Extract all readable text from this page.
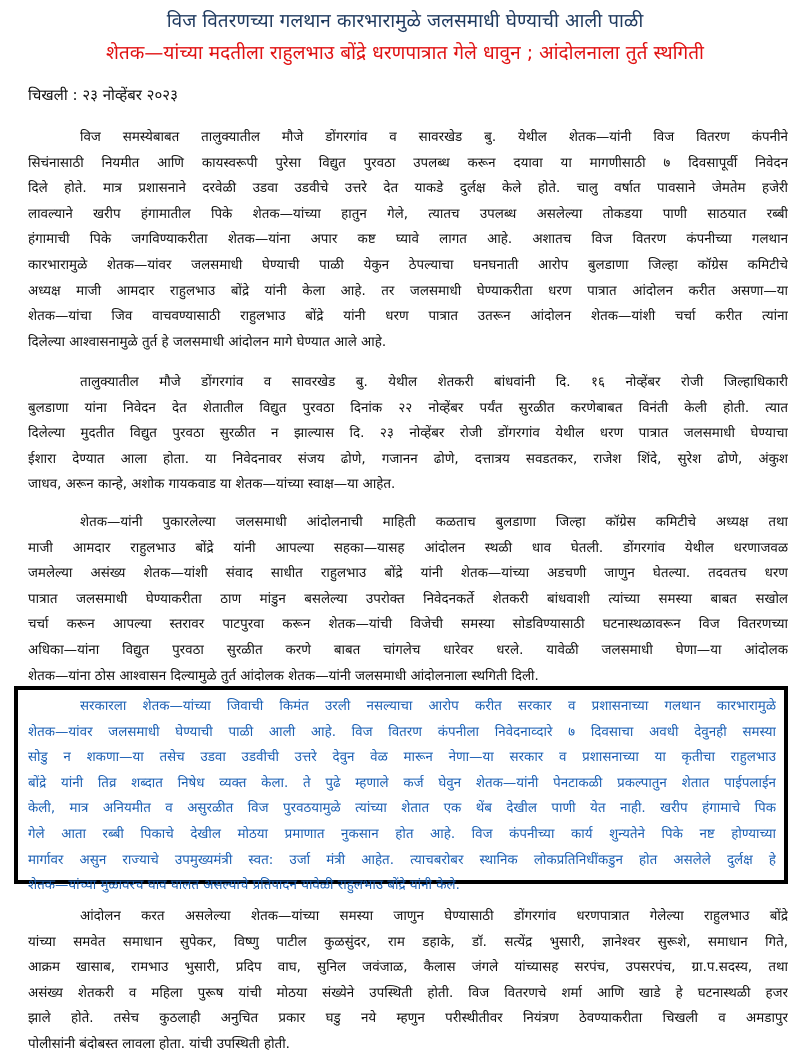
विज वितरणच्या गलथान कारभारामुळे जलसमाधी घेण्याची आली पाळी
शेतक—यांच्या मदतीला राहुलभाउ बोंद्रे धरणपात्रात गेले धावुन ; आंदोलनाला तुर्त स्थगिती
चिखली : २३ नोव्हेंबर २०२३
विज समस्येबाबत तालुक्यातील मौजे डोंगरगांव व सावरखेड बु. येथील शेतक—यांनी विज वितरण कंपनीने
सिचंनासाठी नियमीत आणि कायस्वरूपी पुरेसा विद्युत पुरवठा उपलब्ध करून दयावा या मागणीसाठी ७ दिवसापूर्वी निवेदन
दिले होते. मात्र प्रशासनाने दरवेळी उडवा उडवीचे उत्तरे देत याकडे दुर्लक्ष केले होते. चालु वर्षात पावसाने जेमतेम हजेरी
लावल्याने खरीप हंगामातील पिके शेतक—यांच्या हातुन गेले, त्यातच उपलब्ध असलेल्या तोकडया पाणी साठयात रब्बी
हंगामाची पिके जगविण्याकरीता शेतक—यांना अपार कष्ट घ्यावे लागत आहे. अशातच विज वितरण कंपनीच्या गलथान
कारभारामुळे शेतक—यांवर जलसमाधी घेण्याची पाळी येकुन ठेपल्याचा घनघनाती आरोप बुलडाणा जिल्हा कॉग्रेस कमिटीचे
अध्यक्ष माजी आमदार राहुलभाउ बोंद्रे यांनी केला आहे. तर जलसमाधी घेण्याकरीता धरण पात्रात आंदोलन करीत असणा—या
शेतक—यांचा जिव वाचवण्यासाठी राहुलभाउ बोंद्रे यांनी धरण पात्रात उतरून आंदोलन शेतक—यांशी चर्चा करीत त्यांना
दिलेल्या आश्वासनामुळे तुर्त हे जलसमाधी आंदोलन मागे घेण्यात आले आहे.
तालुक्यातील मौजे डोंगरगांव व सावरखेड बु. येथील शेतकरी बांधवांनी दि. १६ नोव्हेंबर रोजी जिल्हाधिकारी
बुलडाणा यांना निवेदन देत शेतातील विद्युत पुरवठा दिनांक २२ नोव्हेंबर पर्यंत सुरळीत करणेबाबत विनंती केली होती. त्यात
दिलेल्या मुदतीत विद्युत पुरवठा सुरळीत न झाल्यास दि. २३ नोव्हेंबर रोजी डोंगरगांव येथील धरण पात्रात जलसमाधी घेण्याचा
ईशारा देण्यात आला होता. या निवेदनावर संजय ढोणे, गजानन ढोणे, दत्तात्रय सवडतकर, राजेश शिंदे, सुरेश ढोणे, अंकुश
जाधव, अरून कान्हे, अशोक गायकवाड या शेतक—यांच्या स्वाक्ष—या आहेत.
शेतक—यांनी पुकारलेल्या जलसमाधी आंदोलनाची माहिती कळताच बुलडाणा जिल्हा कॉग्रेस कमिटीचे अध्यक्ष तथा
माजी आमदार राहुलभाउ बोंद्रे यांनी आपल्या सहका—यासह आंदोलन स्थळी धाव घेतली. डोंगरगांव येथील धरणाजवळ
जमलेल्या असंख्य शेतक—यांशी संवाद साधीत राहुलभाउ बोंद्रे यांनी शेतक—यांच्या अडचणी जाणुन घेतल्या. तदवतच धरण
पात्रात जलसमाधी घेण्याकरीता ठाण मांडुन बसलेल्या उपरोक्त निवेदनकर्ते शेतकरी बांधवाशी त्यांच्या समस्या बाबत सखोल
चर्चा करून आपल्या स्तरावर पाटपुरवा करून शेतक—यांची विजेची समस्या सोडविण्यासाठी घटनास्थळावरून विज वितरणच्या
अधिका—यांना विद्युत पुरवठा सुरळीत करणे बाबत चांगलेच धारेवर धरले. यावेळी जलसमाधी घेणा—या आंदोलक
शेतक—यांना ठोस आश्वासन दिल्यामुळे तुर्त आंदोलक शेतक—यांनी जलसमाधी आंदोलनाला स्थगिती दिली.
सरकारला शेतक—यांच्या जिवाची किमंत उरली नसल्याचा आरोप करीत सरकार व प्रशासनाच्या गलथान कारभारामुळे
शेतक—यांवर जलसमाधी घेण्याची पाळी आली आहे. विज वितरण कंपनीला निवेदनाव्दारे ७ दिवसाचा अवधी देवुनही समस्या
सोडु न शकणा—या तसेच उडवा उडवीची उत्तरे देवुन वेळ मारून नेणा—या सरकार व प्रशासनाच्या या कृतीचा राहुलभाउ
बोंद्रे यांनी तिव्र शब्दात निषेध व्यक्त केला. ते पुढे म्हणाले कर्ज घेवुन शेतक—यांनी पेनटाकळी प्रकल्पातुन शेतात पाईपलाईन
केली, मात्र अनियमीत व असुरळीत विज पुरवठयामुळे त्यांच्या शेतात एक थेंब देखील पाणी येत नाही. खरीप हंगामाचे पिक
गेले आता रब्बी पिकाचे देखील मोठया प्रमाणात नुकसान होत आहे. विज कंपनीच्या कार्य शुन्यतेने पिके नष्ट होण्याच्या
मार्गावर असुन राज्याचे उपमुख्यमंत्री स्वत: उर्जा मंत्री आहेत. त्याचबरोबर स्थानिक लोकप्रतिनिधींकडुन होत असलेले दुर्लक्ष हे
शेतक—यांच्या मुळावरच घाव घालत असल्याचे प्रतिपादन यावेळी राहुलभाउ बोंद्रे यांनी केले.
आंदोलन करत असलेल्या शेतक—यांच्या समस्या जाणुन घेण्यासाठी डोंगरगांव धरणपात्रात गेलेल्या राहुलभाउ बोंद्रे
यांच्या समवेत समाधान सुपेकर, विष्णु पाटील कुळसुंदर, राम डहाके, डॉ. सत्येंद्र भुसारी, ज्ञानेश्वर सुरूशे, समाधान गिते,
आक्रम खासाब, रामभाउ भुसारी, प्रदिप वाघ, सुनिल जवंजाळ, कैलास जंगले यांच्यासह सरपंच, उपसरपंच, ग्रा.प.सदस्य, तथा
असंख्य शेतकरी व महिला पुरूष यांची मोठया संख्येने उपस्थिती होती. विज वितरणचे शर्मा आणि खाडे हे घटनास्थळी हजर
झाले होते. तसेच कुठलाही अनुचित प्रकार घडु नये म्हणुन परीस्थीतीवर नियंत्रण ठेवण्याकरीता चिखली व अमडापुर
पोलीसांनी बंदोबस्त लावला होता. यांची उपस्थिती होती.
